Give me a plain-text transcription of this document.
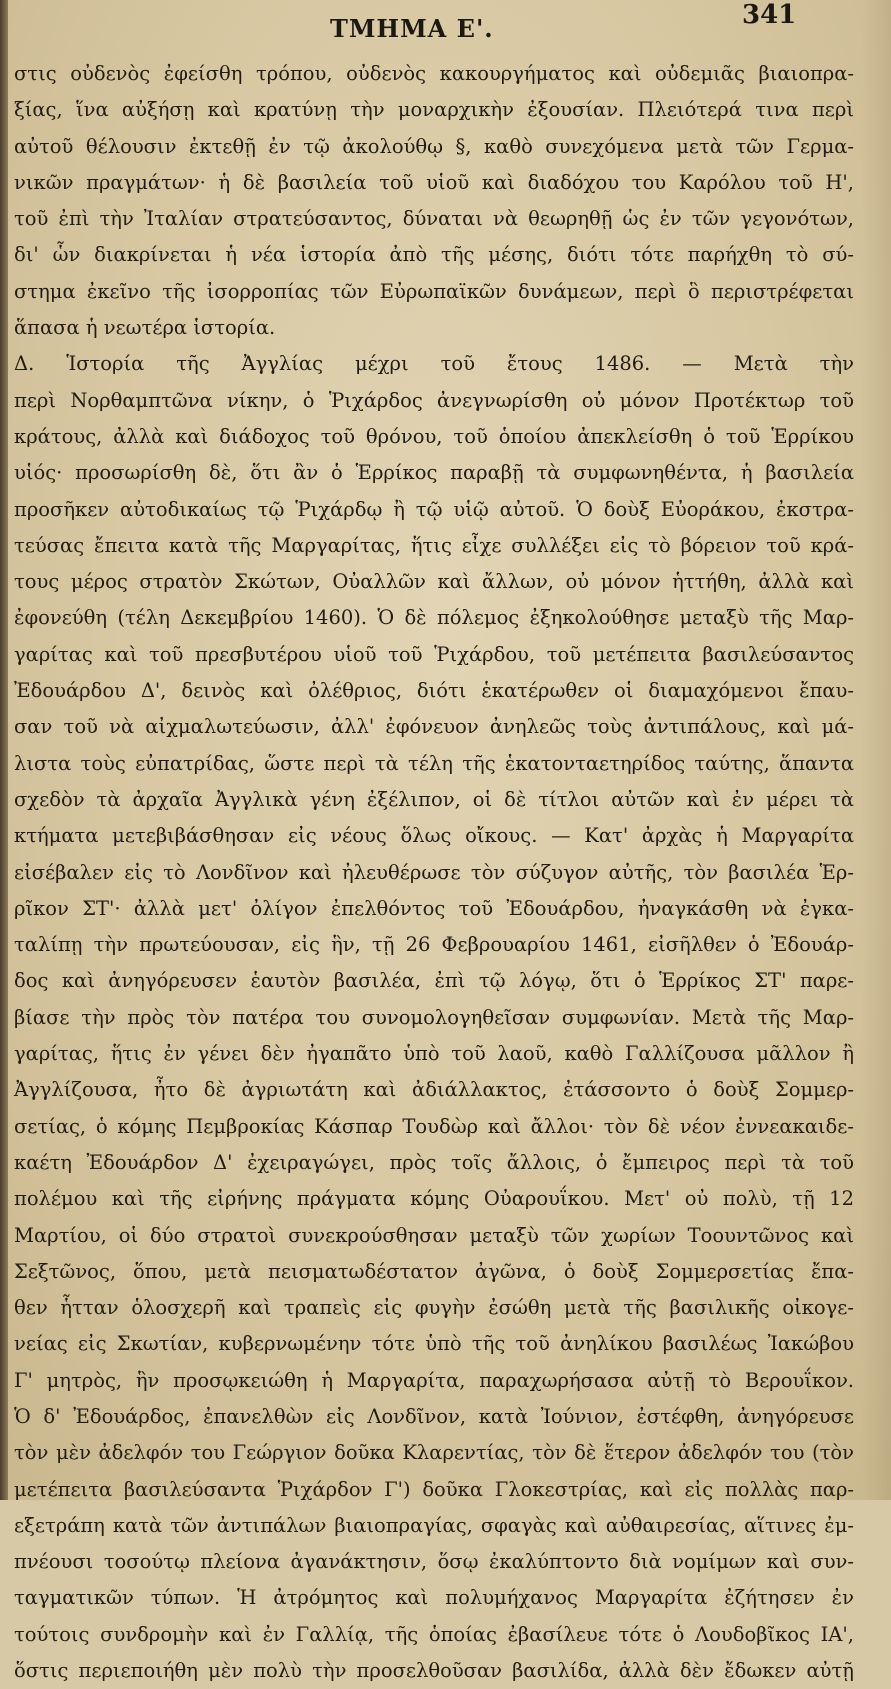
ΤΜΗΜΑ Ε'.	341
στις οὐδενὸς ἐφείσθη τρόπου, οὐδενὸς κακουργήματος καὶ οὐδεμιᾶς βιαιοπρα-
ξίας, ἵνα αὐξήσῃ καὶ κρατύνῃ τὴν μοναρχικὴν ἐξουσίαν. Πλειότερά τινα περὶ
αὐτοῦ θέλουσιν ἐκτεθῇ ἐν τῷ ἀκολούθῳ §, καθὸ συνεχόμενα μετὰ τῶν Γερμα-
νικῶν πραγμάτων· ἡ δὲ βασιλεία τοῦ υἱοῦ καὶ διαδόχου του Καρόλου τοῦ Η',
τοῦ ἐπὶ τὴν Ἰταλίαν στρατεύσαντος, δύναται νὰ θεωρηθῇ ὡς ἐν τῶν γεγονότων,
δι' ὧν διακρίνεται ἡ νέα ἱστορία ἀπὸ τῆς μέσης, διότι τότε παρήχθη τὸ σύ-
στημα ἐκεῖνο τῆς ἰσορροπίας τῶν Εὐρωπαϊκῶν δυνάμεων, περὶ ὃ περιστρέφεται
ἅπασα ἡ νεωτέρα ἱστορία.
Δ. Ἱστορία τῆς Ἀγγλίας μέχρι τοῦ ἔτους 1486. — Μετὰ τὴν
περὶ Νορθαμπτῶνα νίκην, ὁ Ῥιχάρδος ἀνεγνωρίσθη οὐ μόνον Προτέκτωρ τοῦ
κράτους, ἀλλὰ καὶ διάδοχος τοῦ θρόνου, τοῦ ὁποίου ἀπεκλείσθη ὁ τοῦ Ἑρρίκου
υἱός· προσωρίσθη δὲ, ὅτι ἂν ὁ Ἑρρίκος παραβῇ τὰ συμφωνηθέντα, ἡ βασιλεία
προσῆκεν αὐτοδικαίως τῷ Ῥιχάρδῳ ἢ τῷ υἱῷ αὐτοῦ. Ὁ δοὺξ Εὐοράκου, ἐκστρα-
τεύσας ἔπειτα κατὰ τῆς Μαργαρίτας, ἥτις εἶχε συλλέξει εἰς τὸ βόρειον τοῦ κρά-
τους μέρος στρατὸν Σκώτων, Οὐαλλῶν καὶ ἄλλων, οὐ μόνον ἡττήθη, ἀλλὰ καὶ
ἐφονεύθη (τέλη Δεκεμβρίου 1460). Ὁ δὲ πόλεμος ἐξηκολούθησε μεταξὺ τῆς Μαρ-
γαρίτας καὶ τοῦ πρεσβυτέρου υἱοῦ τοῦ Ῥιχάρδου, τοῦ μετέπειτα βασιλεύσαντος
Ἐδουάρδου Δ', δεινὸς καὶ ὀλέθριος, διότι ἑκατέρωθεν οἱ διαμαχόμενοι ἔπαυ-
σαν τοῦ νὰ αἰχμαλωτεύωσιν, ἀλλ' ἐφόνευον ἀνηλεῶς τοὺς ἀντιπάλους, καὶ μά-
λιστα τοὺς εὐπατρίδας, ὥστε περὶ τὰ τέλη τῆς ἑκατονταετηρίδος ταύτης, ἅπαντα
σχεδὸν τὰ ἀρχαῖα Ἀγγλικὰ γένη ἐξέλιπον, οἱ δὲ τίτλοι αὐτῶν καὶ ἐν μέρει τὰ
κτήματα μετεβιβάσθησαν εἰς νέους ὅλως οἴκους. — Κατ' ἀρχὰς ἡ Μαργαρίτα
εἰσέβαλεν εἰς τὸ Λονδῖνον καὶ ἠλευθέρωσε τὸν σύζυγον αὐτῆς, τὸν βασιλέα Ἑρ-
ρῖκον ΣΤ'· ἀλλὰ μετ' ὀλίγον ἐπελθόντος τοῦ Ἐδουάρδου, ἠναγκάσθη νὰ ἐγκα-
ταλίπῃ τὴν πρωτεύουσαν, εἰς ἣν, τῇ 26 Φεβρουαρίου 1461, εἰσῆλθεν ὁ Ἐδουάρ-
δος καὶ ἀνηγόρευσεν ἑαυτὸν βασιλέα, ἐπὶ τῷ λόγῳ, ὅτι ὁ Ἑρρίκος ΣΤ' παρε-
βίασε τὴν πρὸς τὸν πατέρα του συνομολογηθεῖσαν συμφωνίαν. Μετὰ τῆς Μαρ-
γαρίτας, ἥτις ἐν γένει δὲν ἠγαπᾶτο ὑπὸ τοῦ λαοῦ, καθὸ Γαλλίζουσα μᾶλλον ἢ
Ἀγγλίζουσα, ἦτο δὲ ἀγριωτάτη καὶ ἀδιάλλακτος, ἐτάσσοντο ὁ δοὺξ Σομμερ-
σετίας, ὁ κόμης Πεμβροκίας Κάσπαρ Τουδὼρ καὶ ἄλλοι· τὸν δὲ νέον ἐννεακαιδε-
καέτη Ἐδουάρδον Δ' ἐχειραγώγει, πρὸς τοῖς ἄλλοις, ὁ ἔμπειρος περὶ τὰ τοῦ
πολέμου καὶ τῆς εἰρήνης πράγματα κόμης Οὐαρουΐκου. Μετ' οὐ πολὺ, τῇ 12
Μαρτίου, οἱ δύο στρατοὶ συνεκρούσθησαν μεταξὺ τῶν χωρίων Τοουντῶνος καὶ
Σεξτῶνος, ὅπου, μετὰ πεισματωδέστατον ἀγῶνα, ὁ δοὺξ Σομμερσετίας ἔπα-
θεν ἧτταν ὁλοσχερῆ καὶ τραπεὶς εἰς φυγὴν ἐσώθη μετὰ τῆς βασιλικῆς οἰκογε-
νείας εἰς Σκωτίαν, κυβερνωμένην τότε ὑπὸ τῆς τοῦ ἀνηλίκου βασιλέως Ἰακώβου
Γ' μητρὸς, ἣν προσῳκειώθη ἡ Μαργαρίτα, παραχωρήσασα αὐτῇ τὸ Βερουΐκον.
Ὁ δ' Ἐδουάρδος, ἐπανελθὼν εἰς Λονδῖνον, κατὰ Ἰούνιον, ἐστέφθη, ἀνηγόρευσε
τὸν μὲν ἀδελφόν του Γεώργιον δοῦκα Κλαρεντίας, τὸν δὲ ἕτερον ἀδελφόν του (τὸν
μετέπειτα βασιλεύσαντα Ῥιχάρδον Γ') δοῦκα Γλοκεστρίας, καὶ εἰς πολλὰς παρ-
εξετράπη κατὰ τῶν ἀντιπάλων βιαιοπραγίας, σφαγὰς καὶ αὐθαιρεσίας, αἵτινες ἐμ-
πνέουσι τοσούτῳ πλείονα ἀγανάκτησιν, ὅσῳ ἐκαλύπτοντο διὰ νομίμων καὶ συν-
ταγματικῶν τύπων. Ἡ ἀτρόμητος καὶ πολυμήχανος Μαργαρίτα ἐζήτησεν ἐν
τούτοις συνδρομὴν καὶ ἐν Γαλλίᾳ, τῆς ὁποίας ἐβασίλευε τότε ὁ Λουδοβῖκος ΙΑ',
ὅστις περιεποιήθη μὲν πολὺ τὴν προσελθοῦσαν βασιλίδα, ἀλλὰ δὲν ἔδωκεν αὐτῇ
